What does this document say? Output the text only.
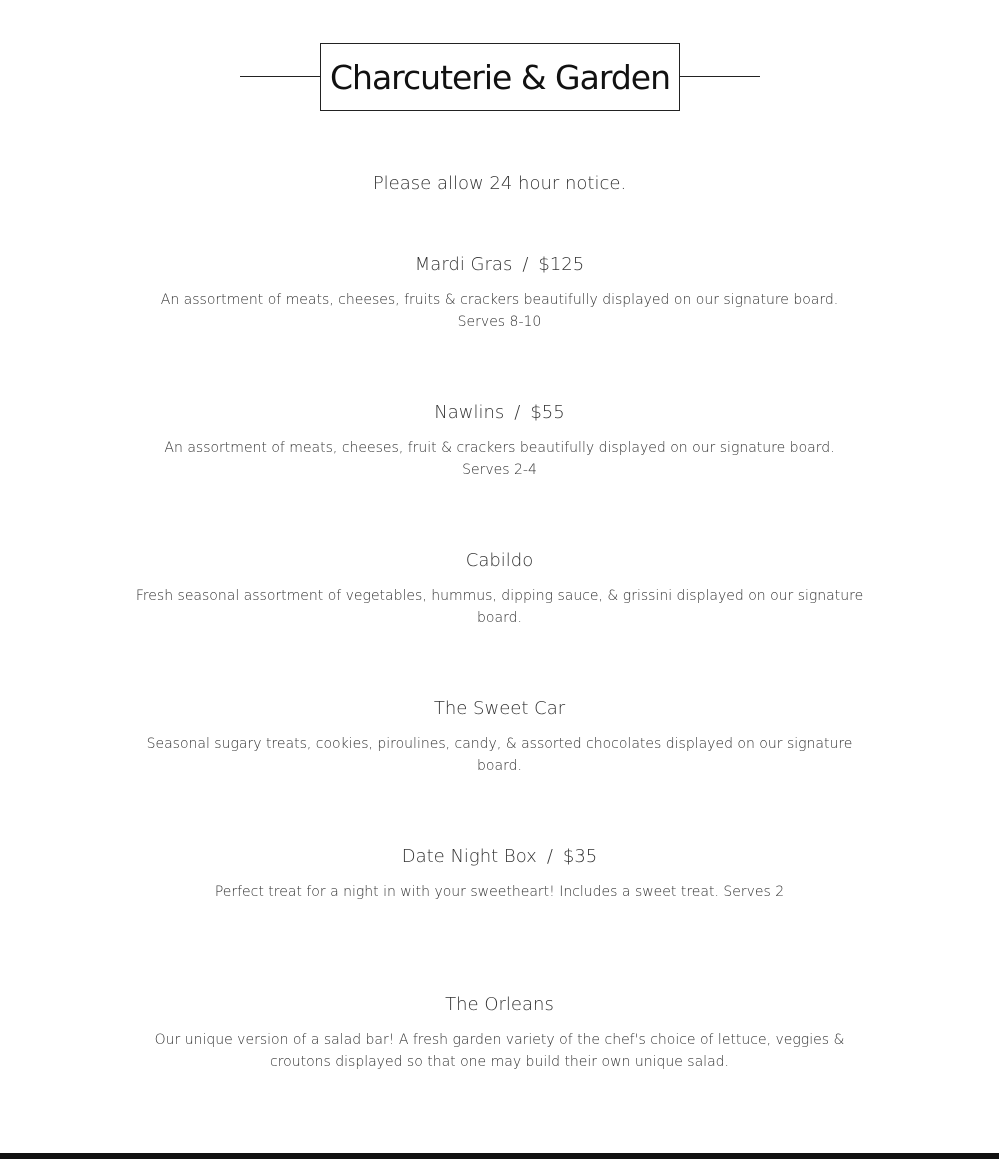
Charcuterie & Garden
Please allow 24 hour notice.
Mardi Gras / $125
An assortment of meats, cheeses, fruits & crackers beautifully displayed on our signature board. Serves 8-10
Nawlins / $55
An assortment of meats, cheeses, fruit & crackers beautifully displayed on our signature board. Serves 2-4
Cabildo
Fresh seasonal assortment of vegetables, hummus, dipping sauce, & grissini displayed on our signature board.
The Sweet Car
Seasonal sugary treats, cookies, piroulines, candy, & assorted chocolates displayed on our signature board.
Date Night Box / $35
Perfect treat for a night in with your sweetheart! Includes a sweet treat. Serves 2
The Orleans
Our unique version of a salad bar! A fresh garden variety of the chef's choice of lettuce, veggies & croutons displayed so that one may build their own unique salad.
